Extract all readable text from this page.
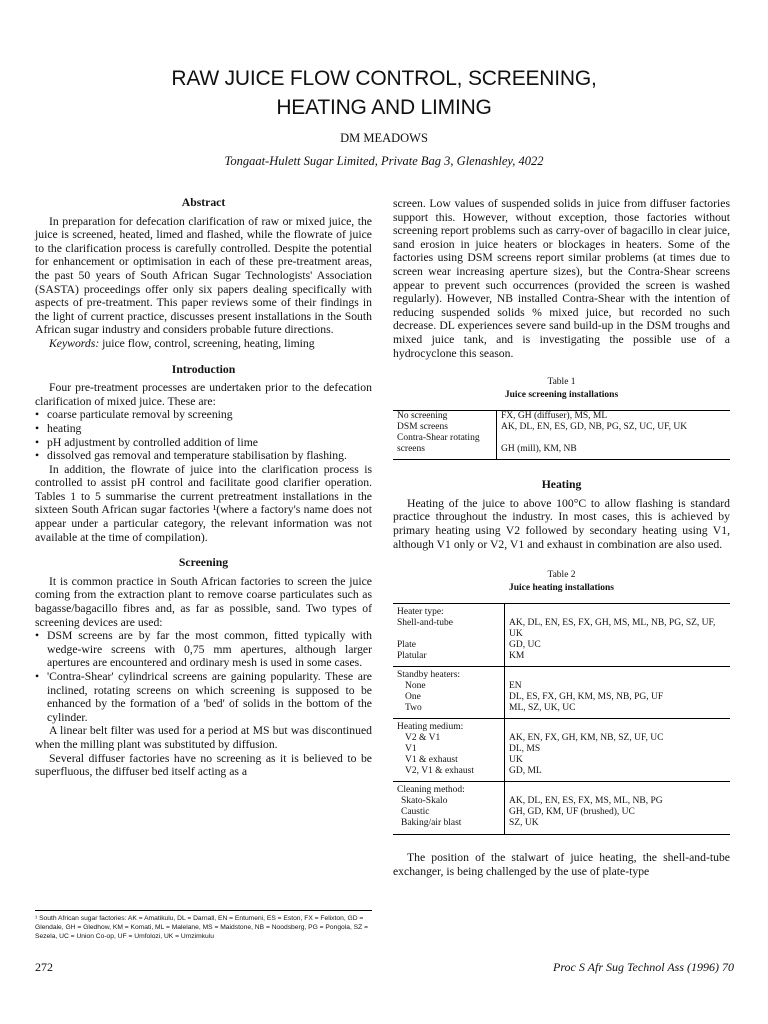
RAW JUICE FLOW CONTROL, SCREENING,
HEATING AND LIMING
DM MEADOWS
Tongaat-Hulett Sugar Limited, Private Bag 3, Glenashley, 4022
Abstract

In preparation for defecation clarification of raw or mixed juice, the juice is screened, heated, limed and flashed, while the flowrate of juice to the clarification process is carefully controlled. Despite the potential for enhancement or optimisation in each of these pre-treatment areas, the past 50 years of South African Sugar Technologists' Association (SASTA) proceedings offer only six papers dealing specifically with aspects of pre-treatment. This paper reviews some of their findings in the light of current practice, discusses present installations in the South African sugar industry and considers probable future directions.

Keywords: juice flow, control, screening, heating, liming

Introduction

Four pre-treatment processes are undertaken prior to the defecation clarification of mixed juice. These are:

• coarse particulate removal by screening
• heating
• pH adjustment by controlled addition of lime
• dissolved gas removal and temperature stabilisation by flashing.

In addition, the flowrate of juice into the clarification process is controlled to assist pH control and facilitate good clarifier operation. Tables 1 to 5 summarise the current pretreatment installations in the sixteen South African sugar factories ¹(where a factory's name does not appear under a particular category, the relevant information was not available at the time of compilation).

Screening

It is common practice in South African factories to screen the juice coming from the extraction plant to remove coarse particulates such as bagasse/bagacillo fibres and, as far as possible, sand. Two types of screening devices are used:

• DSM screens are by far the most common, fitted typically with wedge-wire screens with 0,75 mm apertures, although larger apertures are encountered and ordinary mesh is used in some cases.
• 'Contra-Shear' cylindrical screens are gaining popularity. These are inclined, rotating screens on which screening is supposed to be enhanced by the formation of a 'bed' of solids in the bottom of the cylinder.

A linear belt filter was used for a period at MS but was discontinued when the milling plant was substituted by diffusion.

Several diffuser factories have no screening as it is believed to be superfluous, the diffuser bed itself acting as a

screen. Low values of suspended solids in juice from diffuser factories support this. However, without exception, those factories without screening report problems such as carry-over of bagacillo in clear juice, sand erosion in juice heaters or blockages in heaters. Some of the factories using DSM screens report similar problems (at times due to screen wear increasing aperture sizes), but the Contra-Shear screens appear to prevent such occurrences (provided the screen is washed regularly). However, NB installed Contra-Shear with the intention of reducing suspended solids % mixed juice, but recorded no such decrease. DL experiences severe sand build-up in the DSM troughs and mixed juice tank, and is investigating the possible use of a hydrocyclone this season.

Table 1
Juice screening installations
No screening	FX, GH (diffuser), MS, ML
DSM screens	AK, DL, EN, ES, GD, NB, PG, SZ, UC, UF, UK
Contra-Shear rotating screens	GH (mill), KM, NB
Heating

Heating of the juice to above 100°C to allow flashing is standard practice throughout the industry. In most cases, this is achieved by primary heating using V2 followed by secondary heating using V1, although V1 only or V2, V1 and exhaust in combination are also used.

Table 2
Juice heating installations
Heater type:	
Shell-and-tube	AK, DL, EN, ES, FX, GH, MS, ML, NB, PG, SZ, UF, UK
Plate	GD, UC
Platular	KM
Standby heaters:	
None	EN
One	DL, ES, FX, GH, KM, MS, NB, PG, UF
Two	ML, SZ, UK, UC
Heating medium:	
V2 & V1	AK, EN, FX, GH, KM, NB, SZ, UF, UC
V1	DL, MS
V1 & exhaust	UK
V2, V1 & exhaust	GD, ML
Cleaning method:	
Skato-Skalo	AK, DL, EN, ES, FX, MS, ML, NB, PG
Caustic	GH, GD, KM, UF (brushed), UC
Baking/air blast	SZ, UK

The position of the stalwart of juice heating, the shell-and-tube exchanger, is being challenged by the use of plate-type

¹ South African sugar factories: AK = Amatikulu, DL = Darnall, EN = Entumeni, ES = Eston, FX = Felixton, GD = Glendale, GH = Gledhow, KM = Komati, ML = Malelane, MS = Maidstone, NB = Noodsberg, PG = Pongola, SZ = Sezela, UC = Union Co-op, UF = Umfolozi, UK = Umzimkulu
272	Proc S Afr Sug Technol Ass (1996) 70
